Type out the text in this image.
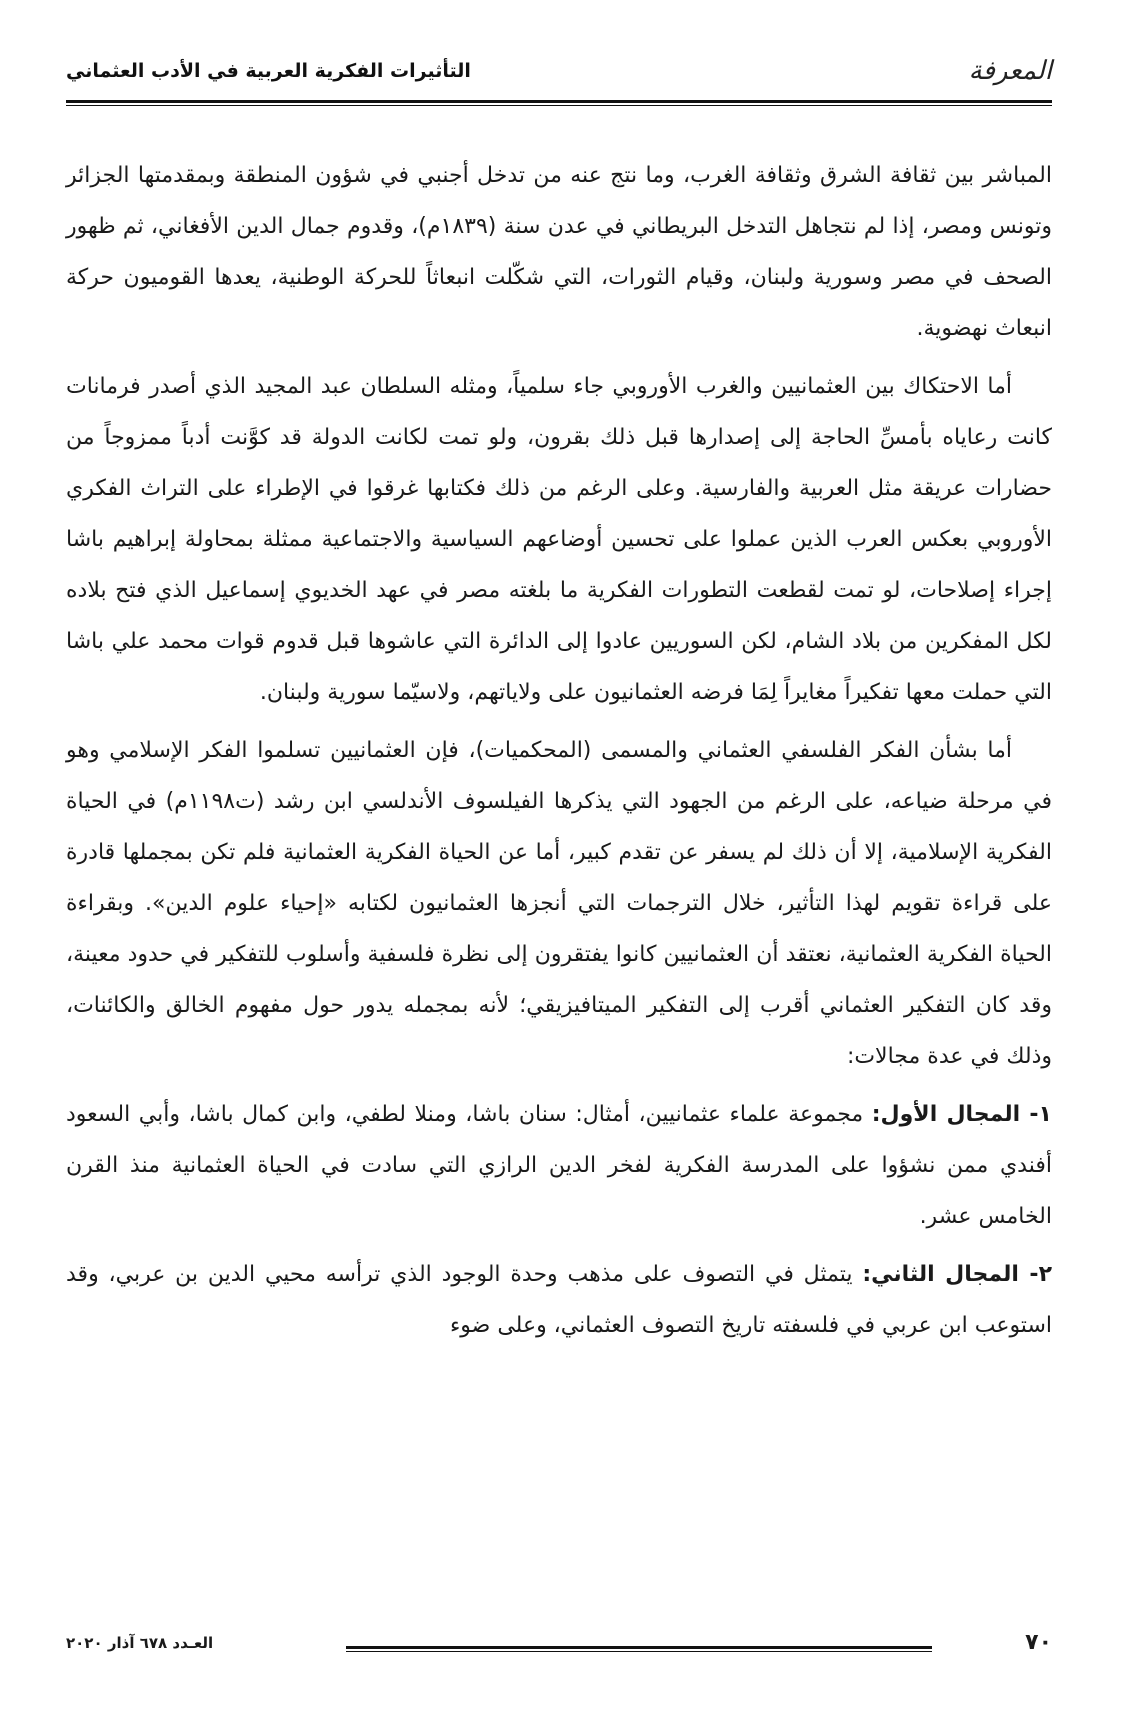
المعرفة
التأثيرات الفكرية العربية في الأدب العثماني

المباشر بين ثقافة الشرق وثقافة الغرب، وما نتج عنه من تدخل أجنبي في شؤون المنطقة وبمقدمتها الجزائر وتونس ومصر، إذا لم نتجاهل التدخل البريطاني في عدن سنة (١٨٣٩م)، وقدوم جمال الدين الأفغاني، ثم ظهور الصحف في مصر وسورية ولبنان، وقيام الثورات، التي شكّلت انبعاثاً للحركة الوطنية، يعدها القوميون حركة انبعاث نهضوية.

أما الاحتكاك بين العثمانيين والغرب الأوروبي جاء سلمياً، ومثله السلطان عبد المجيد الذي أصدر فرمانات كانت رعاياه بأمسِّ الحاجة إلى إصدارها قبل ذلك بقرون، ولو تمت لكانت الدولة قد كوَّنت أدباً ممزوجاً من حضارات عريقة مثل العربية والفارسية. وعلى الرغم من ذلك فكتابها غرقوا في الإطراء على التراث الفكري الأوروبي بعكس العرب الذين عملوا على تحسين أوضاعهم السياسية والاجتماعية ممثلة بمحاولة إبراهيم باشا إجراء إصلاحات، لو تمت لقطعت التطورات الفكرية ما بلغته مصر في عهد الخديوي إسماعيل الذي فتح بلاده لكل المفكرين من بلاد الشام، لكن السوريين عادوا إلى الدائرة التي عاشوها قبل قدوم قوات محمد علي باشا التي حملت معها تفكيراً مغايراً لِمَا فرضه العثمانيون على ولاياتهم، ولاسيّما سورية ولبنان.

أما بشأن الفكر الفلسفي العثماني والمسمى (المحكميات)، فإن العثمانيين تسلموا الفكر الإسلامي وهو في مرحلة ضياعه، على الرغم من الجهود التي يذكرها الفيلسوف الأندلسي ابن رشد (ت١١٩٨م) في الحياة الفكرية الإسلامية، إلا أن ذلك لم يسفر عن تقدم كبير، أما عن الحياة الفكرية العثمانية فلم تكن بمجملها قادرة على قراءة تقويم لهذا التأثير، خلال الترجمات التي أنجزها العثمانيون لكتابه «إحياء علوم الدين». وبقراءة الحياة الفكرية العثمانية، نعتقد أن العثمانيين كانوا يفتقرون إلى نظرة فلسفية وأسلوب للتفكير في حدود معينة، وقد كان التفكير العثماني أقرب إلى التفكير الميتافيزيقي؛ لأنه بمجمله يدور حول مفهوم الخالق والكائنات، وذلك في عدة مجالات:

١- المجال الأول: مجموعة علماء عثمانيين، أمثال: سنان باشا، ومنلا لطفي، وابن كمال باشا، وأبي السعود أفندي ممن نشؤوا على المدرسة الفكرية لفخر الدين الرازي التي سادت في الحياة العثمانية منذ القرن الخامس عشر.

٢- المجال الثاني: يتمثل في التصوف على مذهب وحدة الوجود الذي ترأسه محيي الدين بن عربي، وقد استوعب ابن عربي في فلسفته تاريخ التصوف العثماني، وعلى ضوء

٧٠
العـدد ٦٧٨ آذار ٢٠٢٠
